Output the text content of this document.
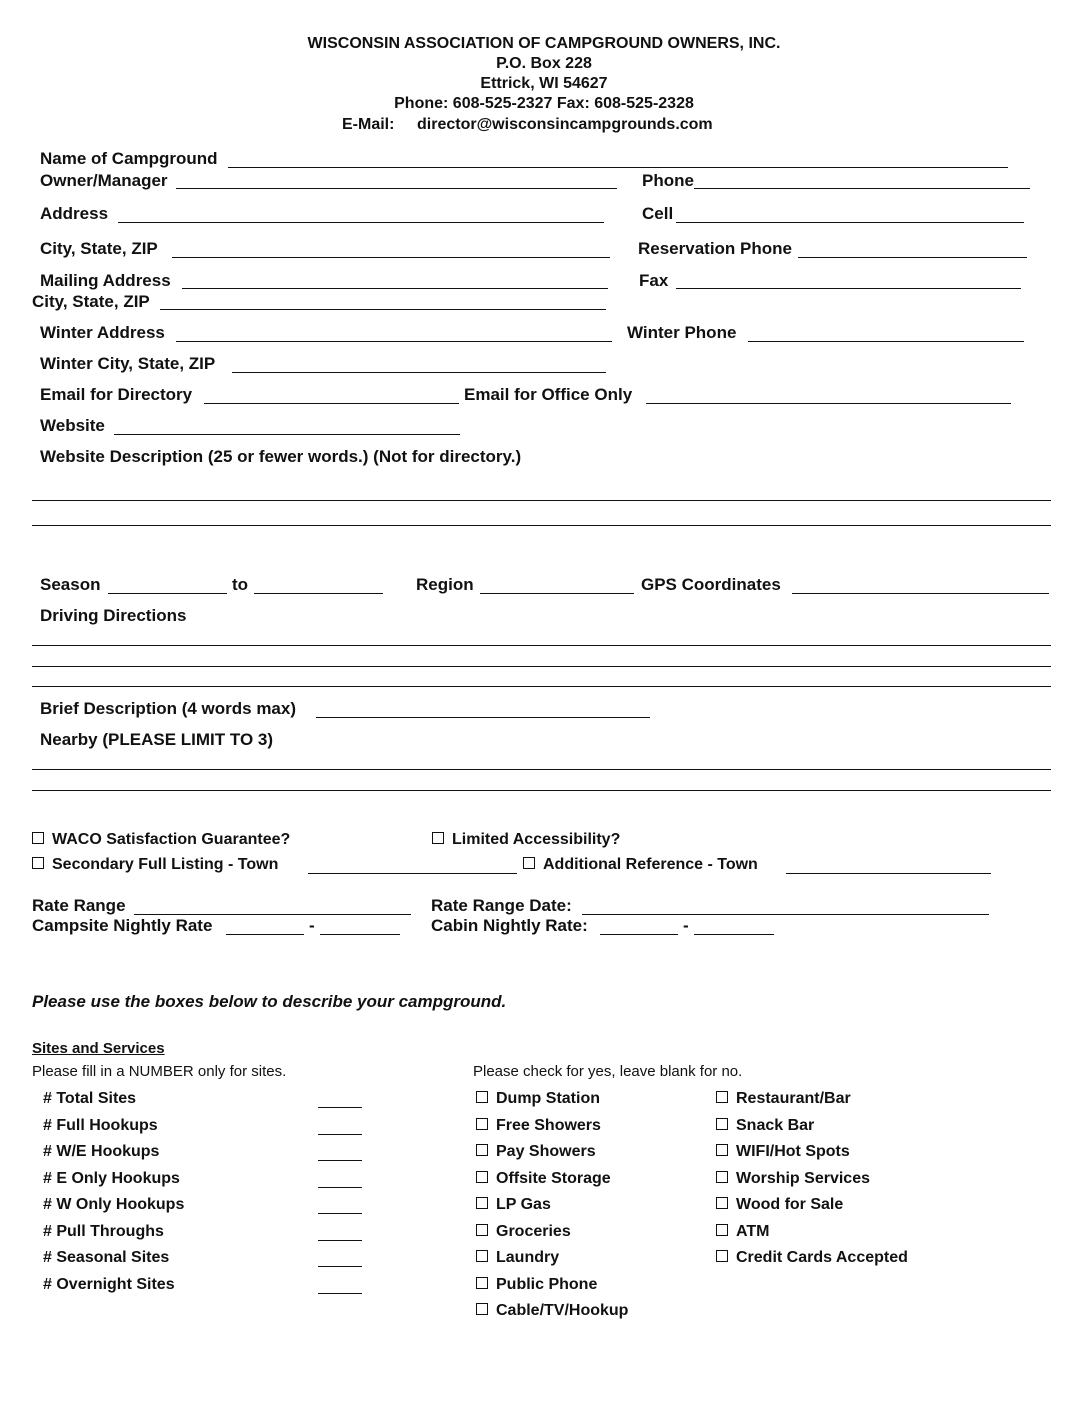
WISCONSIN ASSOCIATION OF CAMPGROUND OWNERS, INC.
P.O. Box 228
Ettrick, WI 54627
Phone: 608-525-2327 Fax: 608-525-2328
E-Mail: director@wisconsincampgrounds.com
Name of Campground
Owner/Manager	Phone
Address	Cell
City, State, ZIP	Reservation Phone
Mailing Address	Fax
City, State, ZIP
Winter Address	Winter Phone
Winter City, State, ZIP
Email for Directory	Email for Office Only
Website
Website Description (25 or fewer words.) (Not for directory.)
Season	to	Region	GPS Coordinates
Driving Directions
Brief Description (4 words max)
Nearby (PLEASE LIMIT TO 3)
WACO Satisfaction Guarantee?	Limited Accessibility?
Secondary Full Listing - Town	Additional Reference - Town
Rate Range	Rate Range Date:
Campsite Nightly Rate	-	Cabin Nightly Rate:	-
Please use the boxes below to describe your campground.
Sites and Services
Please fill in a NUMBER only for sites.	Please check for yes, leave blank for no.
# Total Sites
# Full Hookups
# W/E Hookups
# E Only Hookups
# W Only Hookups
# Pull Throughs
# Seasonal Sites
# Overnight Sites
Dump Station
Free Showers
Pay Showers
Offsite Storage
LP Gas
Groceries
Laundry
Public Phone
Cable/TV/Hookup
Restaurant/Bar
Snack Bar
WIFI/Hot Spots
Worship Services
Wood for Sale
ATM
Credit Cards Accepted
